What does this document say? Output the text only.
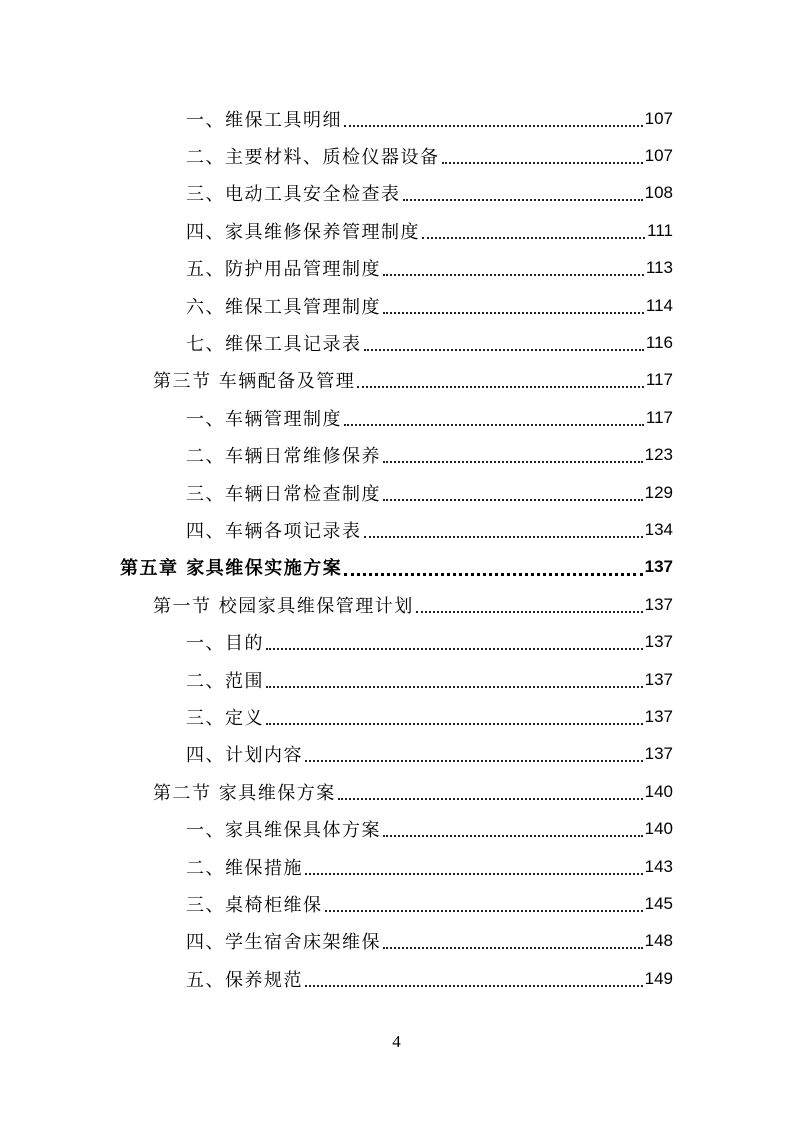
一、维保工具明细	107
二、主要材料、质检仪器设备	107
三、电动工具安全检查表	108
四、家具维修保养管理制度	111
五、防护用品管理制度	113
六、维保工具管理制度	114
七、维保工具记录表	116
第三节 车辆配备及管理	117
一、车辆管理制度	117
二、车辆日常维修保养	123
三、车辆日常检查制度	129
四、车辆各项记录表	134
第五章 家具维保实施方案	137
第一节 校园家具维保管理计划	137
一、目的	137
二、范围	137
三、定义	137
四、计划内容	137
第二节 家具维保方案	140
一、家具维保具体方案	140
二、维保措施	143
三、桌椅柜维保	145
四、学生宿舍床架维保	148
五、保养规范	149
4
